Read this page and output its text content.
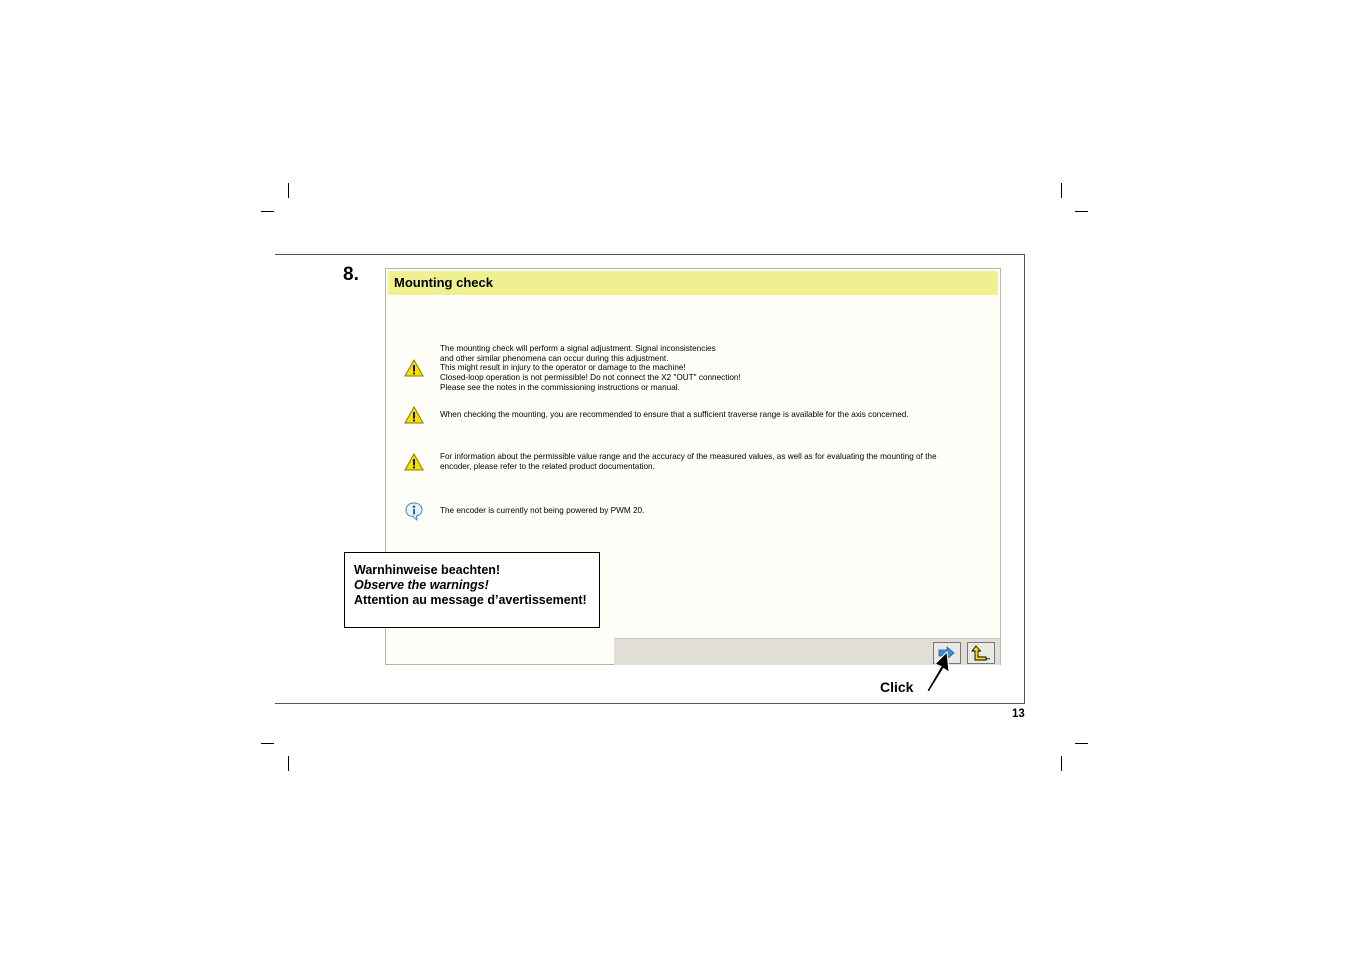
8.	Mounting check
The mounting check will perform a signal adjustment. Signal inconsistencies
and other similar phenomena can occur during this adjustment.
This might result in injury to the operator or damage to the machine!
Closed-loop operation is not permissible! Do not connect the X2 "OUT" connection!
Please see the notes in the commissioning instructions or manual.
When checking the mounting, you are recommended to ensure that a sufficient traverse range is available for the axis concerned.
For information about the permissible value range and the accuracy of the measured values, as well as for evaluating the mounting of the
encoder, please refer to the related product documentation.
The encoder is currently not being powered by PWM 20.
Warnhinweise beachten!
Observe the warnings!
Attention au message d’avertissement!
Click
13
